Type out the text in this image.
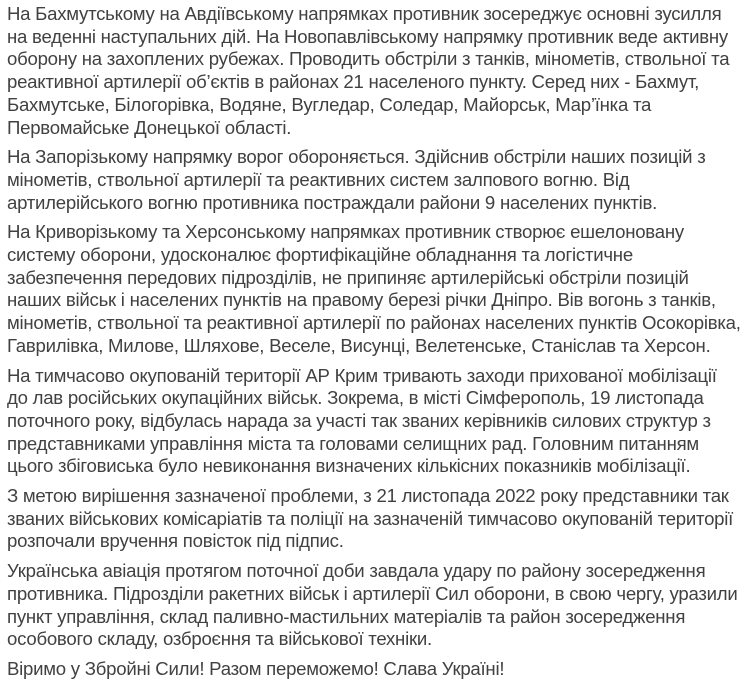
На Бахмутському на Авдіївському напрямках противник зосереджує основні зусилля на веденні наступальних дій. На Новопавлівському напрямку противник веде активну оборону на захоплених рубежах. Проводить обстріли з танків, мінометів, ствольної та реактивної артилерії об’єктів в районах 21 населеного пункту. Серед них - Бахмут, Бахмутське, Білогорівка, Водяне, Вугледар, Соледар, Майорськ, Мар’їнка та Первомайське Донецької області.

На Запорізькому напрямку ворог обороняється. Здійснив обстріли наших позицій з мінометів, ствольної артилерії та реактивних систем залпового вогню. Від артилерійського вогню противника постраждали райони 9 населених пунктів.

На Криворізькому та Херсонському напрямках противник створює ешелоновану систему оборони, удосконалює фортифікаційне обладнання та логістичне забезпечення передових підрозділів, не припиняє артилерійські обстріли позицій наших військ і населених пунктів на правому березі річки Дніпро. Вів вогонь з танків, мінометів, ствольної та реактивної артилерії по районах населених пунктів Осокорівка, Гаврилівка, Милове, Шляхове, Веселе, Висунці, Велетенське, Станіслав та Херсон.

На тимчасово окупованій території АР Крим тривають заходи прихованої мобілізації до лав російських окупаційних військ. Зокрема, в місті Сімферополь, 19 листопада поточного року, відбулась нарада за участі так званих керівників силових структур з представниками управління міста та головами селищних рад. Головним питанням цього збіговиська було невиконання визначених кількісних показників мобілізації.

З метою вирішення зазначеної проблеми, з 21 листопада 2022 року представники так званих військових комісаріатів та поліції на зазначеній тимчасово окупованій території розпочали вручення повісток під підпис.

Українська авіація протягом поточної доби завдала удару по району зосередження противника. Підрозділи ракетних військ і артилерії Сил оборони, в свою чергу, уразили пункт управління, склад паливно-мастильних матеріалів та район зосередження особового складу, озброєння та військової техніки.

Віримо у Збройні Сили! Разом переможемо! Слава Україні!
